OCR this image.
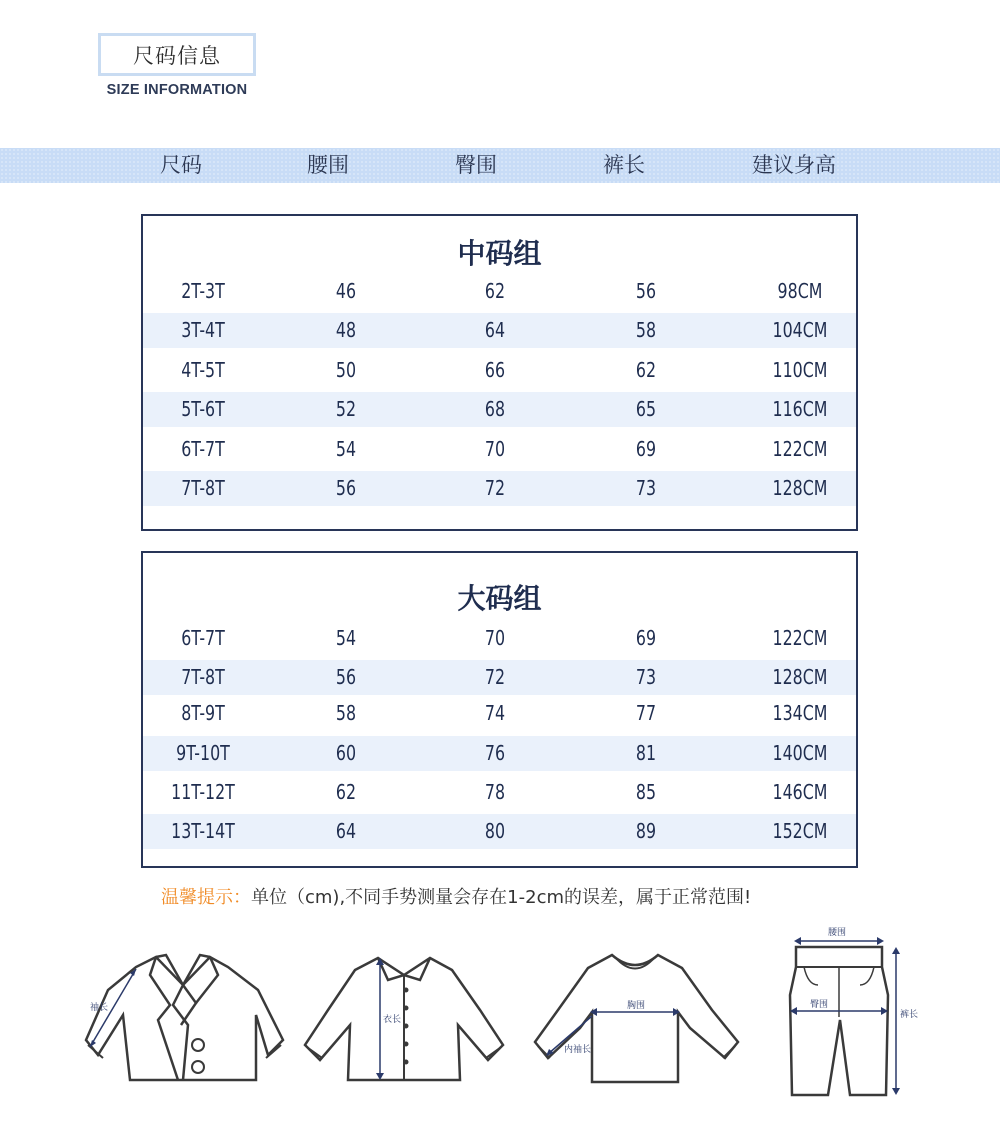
尺码信息
SIZE INFORMATION
尺码	腰围	臀围	裤长	建议身高
中码组
2T-3T	46	62	56	98CM
3T-4T	48	64	58	104CM
4T-5T	50	66	62	110CM
5T-6T	52	68	65	116CM
6T-7T	54	70	69	122CM
7T-8T	56	72	73	128CM
大码组
6T-7T	54	70	69	122CM
7T-8T	56	72	73	128CM
8T-9T	58	74	77	134CM
9T-10T	60	76	81	140CM
11T-12T	62	78	85	146CM
13T-14T	64	80	89	152CM
温馨提示：单位（cm),不同手势测量会存在1-2cm的误差，属于正常范围!
袖长
衣长
胸围
内袖长
腰围
臀围
裤长
